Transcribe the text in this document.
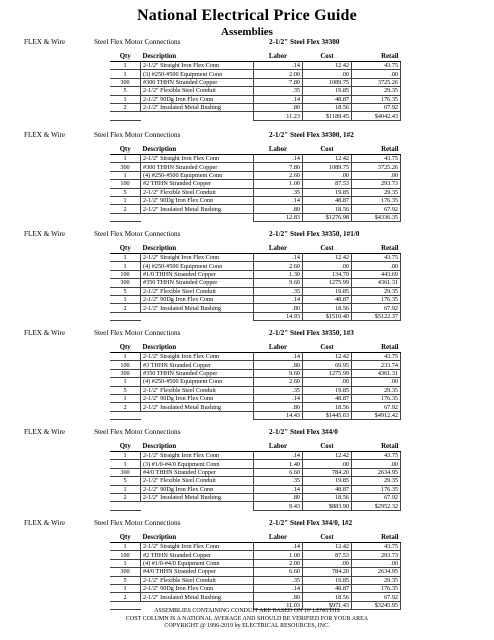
National Electrical Price Guide
Assemblies
FLEX & Wire	Steel Flex Motor Connections	2-1/2" Steel Flex 3#300
Qty	Description	Labor	Cost	Retail
1	2-1/2" Straight Iron Flex Conn	.14	12.42	43.75
1	(3) #250-#500 Equipment Conn	2.00	.00	.00
300	#300 THHN Stranded Copper	7.80	1089.75	3725.26
5	2-1/2" Flexible Steel Conduit	.35	19.85	29.35
1	2-1/2" 90Dg Iron Flex Conn	.14	48.87	176.35
2	2-1/2" Insulated Metal Bushing	.80	18.56	67.92
		11.23	$1189.45	$4042.43
FLEX & Wire	Steel Flex Motor Connections	2-1/2" Steel Flex 3#300, 1#2
Qty	Description	Labor	Cost	Retail
1	2-1/2" Straight Iron Flex Conn	.14	12.42	43.75
300	#300 THHN Stranded Copper	7.80	1089.75	3725.26
1	(4) #250-#500 Equipment Conn	2.60	.00	.00
100	#2 THHN Stranded Copper	1.00	87.53	293.73
5	2-1/2" Flexible Steel Conduit	.35	19.85	29.35
1	2-1/2" 90Dg Iron Flex Conn	.14	48.87	176.35
2	2-1/2" Insulated Metal Bushing	.80	18.56	67.92
		12.83	$1276.98	$4336.35
FLEX & Wire	Steel Flex Motor Connections	2-1/2" Steel Flex 3#350, 1#1/0
Qty	Description	Labor	Cost	Retail
1	2-1/2" Straight Iron Flex Conn	.14	12.42	43.75
1	(4) #250-#500 Equipment Conn	2.60	.00	.00
100	#1/0 THHN Stranded Copper	1.30	134.70	443.69
300	#350 THHN Stranded Copper	9.60	1275.99	4361.31
5	2-1/2" Flexible Steel Conduit	.35	19.85	29.35
1	2-1/2" 90Dg Iron Flex Conn	.14	48.87	176.35
2	2-1/2" Insulated Metal Bushing	.80	18.56	67.92
		14.93	$1510.40	$5122.37
FLEX & Wire	Steel Flex Motor Connections	2-1/2" Steel Flex 3#350, 1#3
Qty	Description	Labor	Cost	Retail
1	2-1/2" Straight Iron Flex Conn	.14	12.42	43.75
100	#3 THHN Stranded Copper	.80	69.95	233.74
300	#350 THHN Stranded Copper	9.60	1275.99	4361.31
1	(4) #250-#500 Equipment Conn	2.60	.00	.00
5	2-1/2" Flexible Steel Conduit	.35	19.85	29.35
1	2-1/2" 90Dg Iron Flex Conn	.14	48.87	176.35
2	2-1/2" Insulated Metal Bushing	.80	18.56	67.92
		14.43	$1445.63	$4912.42
FLEX & Wire	Steel Flex Motor Connections	2-1/2" Steel Flex 3#4/0
Qty	Description	Labor	Cost	Retail
1	2-1/2" Straight Iron Flex Conn	.14	12.42	43.75
1	(3) #1/0-#4/0 Equipment Conn	1.40	.00	.00
300	#4/0 THHN Stranded Copper	6.60	784.20	2634.95
5	2-1/2" Flexible Steel Conduit	.35	19.85	29.35
1	2-1/2" 90Dg Iron Flex Conn	.14	48.87	176.35
2	2-1/2" Insulated Metal Bushing	.80	18.56	67.92
		9.43	$883.90	$2952.32
FLEX & Wire	Steel Flex Motor Connections	2-1/2" Steel Flex 3#4/0, 1#2
Qty	Description	Labor	Cost	Retail
1	2-1/2" Straight Iron Flex Conn	.14	12.42	43.75
100	#2 THHN Stranded Copper	1.00	87.53	293.73
1	(4) #1/0-#4/0 Equipment Conn	2.00	.00	.00
300	#4/0 THHN Stranded Copper	6.60	784.20	2634.95
5	2-1/2" Flexible Steel Conduit	.35	19.85	29.35
1	2-1/2" 90Dg Iron Flex Conn	.14	48.87	176.35
2	2-1/2" Insulated Metal Bushing	.80	18.56	67.92
		11.03	$971.43	$3245.95
ASSEMBLIES CONTAINING CONDUIT ARE BASED ON 10' LENGTHS
COST COLUMN IS A NATIONAL AVERAGE AND SHOULD BE VERIFIED FOR YOUR AREA
COPYRIGHT @ 1996-2019 by ELECTRICAL RESOURCES, INC.
